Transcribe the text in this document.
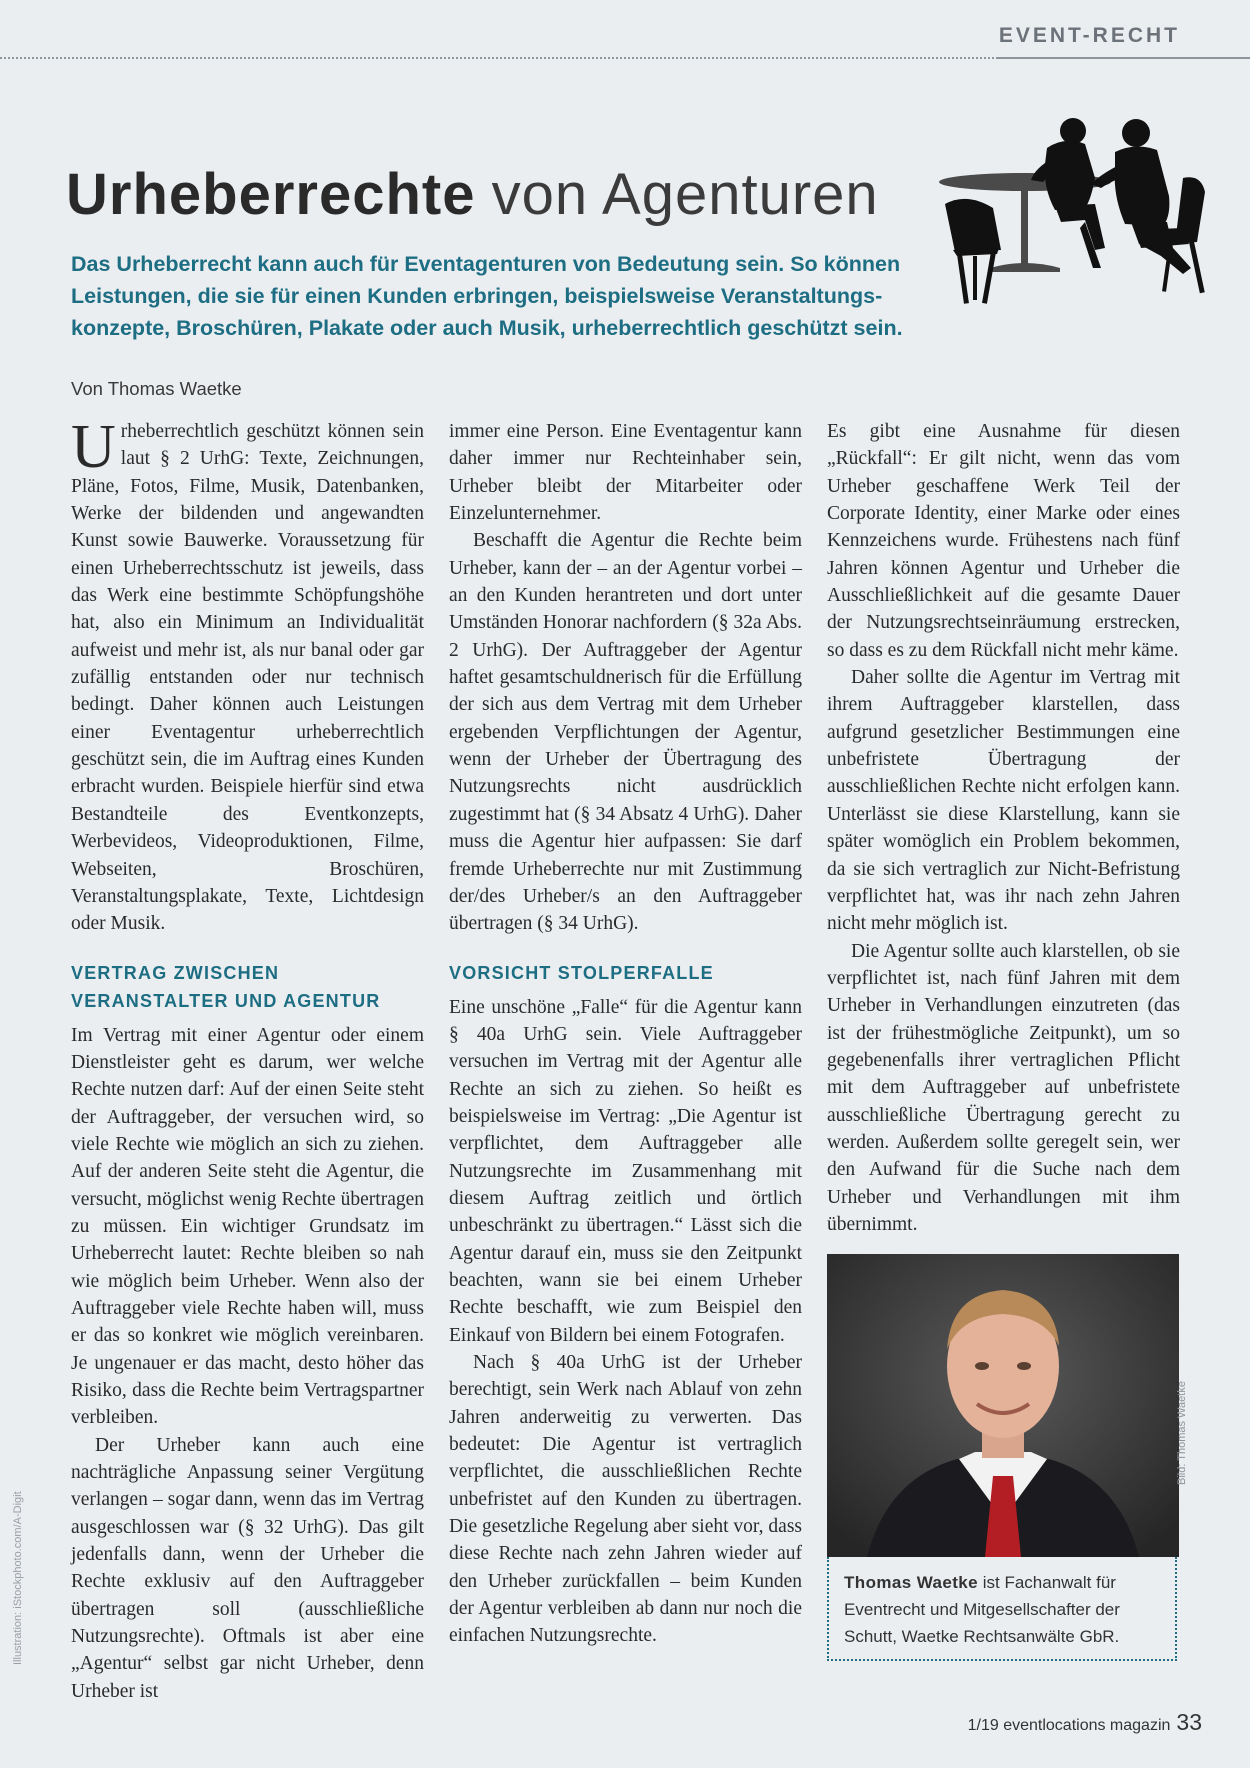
EVENT-RECHT
Urheberrechte von Agenturen

Das Urheberrecht kann auch für Eventagenturen von Bedeutung sein. So können Leistungen, die sie für einen Kunden erbringen, beispielsweise Veranstaltungskonzepte, Broschüren, Plakate oder auch Musik, urheberrechtlich geschützt sein.

Von Thomas Waetke

Urheberrechtlich geschützt können sein laut § 2 UrhG: Texte, Zeichnungen, Pläne, Fotos, Filme, Musik, Datenbanken, Werke der bildenden und angewandten Kunst sowie Bauwerke. Voraussetzung für einen Urheberrechtsschutz ist jeweils, dass das Werk eine bestimmte Schöpfungshöhe hat, also ein Minimum an Individualität aufweist und mehr ist, als nur banal oder gar zufällig entstanden oder nur technisch bedingt. Daher können auch Leistungen einer Eventagentur urheberrechtlich geschützt sein, die im Auftrag eines Kunden erbracht wurden. Beispiele hierfür sind etwa Bestandteile des Eventkonzepts, Werbevideos, Videoproduktionen, Filme, Webseiten, Broschüren, Veranstaltungsplakate, Texte, Lichtdesign oder Musik.

VERTRAG ZWISCHEN VERANSTALTER UND AGENTUR

Im Vertrag mit einer Agentur oder einem Dienstleister geht es darum, wer welche Rechte nutzen darf: Auf der einen Seite steht der Auftraggeber, der versuchen wird, so viele Rechte wie möglich an sich zu ziehen. Auf der anderen Seite steht die Agentur, die versucht, möglichst wenig Rechte übertragen zu müssen. Ein wichtiger Grundsatz im Urheberrecht lautet: Rechte bleiben so nah wie möglich beim Urheber. Wenn also der Auftraggeber viele Rechte haben will, muss er das so konkret wie möglich vereinbaren. Je ungenauer er das macht, desto höher das Risiko, dass die Rechte beim Vertragspartner verbleiben.

Der Urheber kann auch eine nachträgliche Anpassung seiner Vergütung verlangen – sogar dann, wenn das im Vertrag ausgeschlossen war (§ 32 UrhG). Das gilt jedenfalls dann, wenn der Urheber die Rechte exklusiv auf den Auftraggeber übertragen soll (ausschließliche Nutzungsrechte). Oftmals ist aber eine „Agentur“ selbst gar nicht Urheber, denn Urheber ist

immer eine Person. Eine Eventagentur kann daher immer nur Rechteinhaber sein, Urheber bleibt der Mitarbeiter oder Einzelunternehmer.

Beschafft die Agentur die Rechte beim Urheber, kann der – an der Agentur vorbei – an den Kunden herantreten und dort unter Umständen Honorar nachfordern (§ 32a Abs. 2 UrhG). Der Auftraggeber der Agentur haftet gesamtschuldnerisch für die Erfüllung der sich aus dem Vertrag mit dem Urheber ergebenden Verpflichtungen der Agentur, wenn der Urheber der Übertragung des Nutzungsrechts nicht ausdrücklich zugestimmt hat (§ 34 Absatz 4 UrhG). Daher muss die Agentur hier aufpassen: Sie darf fremde Urheberrechte nur mit Zustimmung der/des Urheber/s an den Auftraggeber übertragen (§ 34 UrhG).

VORSICHT STOLPERFALLE

Eine unschöne „Falle“ für die Agentur kann § 40a UrhG sein. Viele Auftraggeber versuchen im Vertrag mit der Agentur alle Rechte an sich zu ziehen. So heißt es beispielsweise im Vertrag: „Die Agentur ist verpflichtet, dem Auftraggeber alle Nutzungsrechte im Zusammenhang mit diesem Auftrag zeitlich und örtlich unbeschränkt zu übertragen.“ Lässt sich die Agentur darauf ein, muss sie den Zeitpunkt beachten, wann sie bei einem Urheber Rechte beschafft, wie zum Beispiel den Einkauf von Bildern bei einem Fotografen.

Nach § 40a UrhG ist der Urheber berechtigt, sein Werk nach Ablauf von zehn Jahren anderweitig zu verwerten. Das bedeutet: Die Agentur ist vertraglich verpflichtet, die ausschließlichen Rechte unbefristet auf den Kunden zu übertragen. Die gesetzliche Regelung aber sieht vor, dass diese Rechte nach zehn Jahren wieder auf den Urheber zurückfallen – beim Kunden der Agentur verbleiben ab dann nur noch die einfachen Nutzungsrechte.

Es gibt eine Ausnahme für diesen „Rückfall“: Er gilt nicht, wenn das vom Urheber geschaffene Werk Teil der Corporate Identity, einer Marke oder eines Kennzeichens wurde. Frühestens nach fünf Jahren können Agentur und Urheber die Ausschließlichkeit auf die gesamte Dauer der Nutzungsrechtseinräumung erstrecken, so dass es zu dem Rückfall nicht mehr käme.

Daher sollte die Agentur im Vertrag mit ihrem Auftraggeber klarstellen, dass aufgrund gesetzlicher Bestimmungen eine unbefristete Übertragung der ausschließlichen Rechte nicht erfolgen kann. Unterlässt sie diese Klarstellung, kann sie später womöglich ein Problem bekommen, da sie sich vertraglich zur Nicht-Befristung verpflichtet hat, was ihr nach zehn Jahren nicht mehr möglich ist.

Die Agentur sollte auch klarstellen, ob sie verpflichtet ist, nach fünf Jahren mit dem Urheber in Verhandlungen einzutreten (das ist der frühestmögliche Zeitpunkt), um so gegebenenfalls ihrer vertraglichen Pflicht mit dem Auftraggeber auf unbefristete ausschließliche Übertragung gerecht zu werden. Außerdem sollte geregelt sein, wer den Aufwand für die Suche nach dem Urheber und Verhandlungen mit ihm übernimmt.

Bild: Thomas Waetke
Thomas Waetke ist Fachanwalt für Eventrecht und Mitgesellschafter der Schutt, Waetke Rechtsanwälte GbR.
Illustration: iStockphoto.com/A-Digit
1/19 eventlocations magazin 33
